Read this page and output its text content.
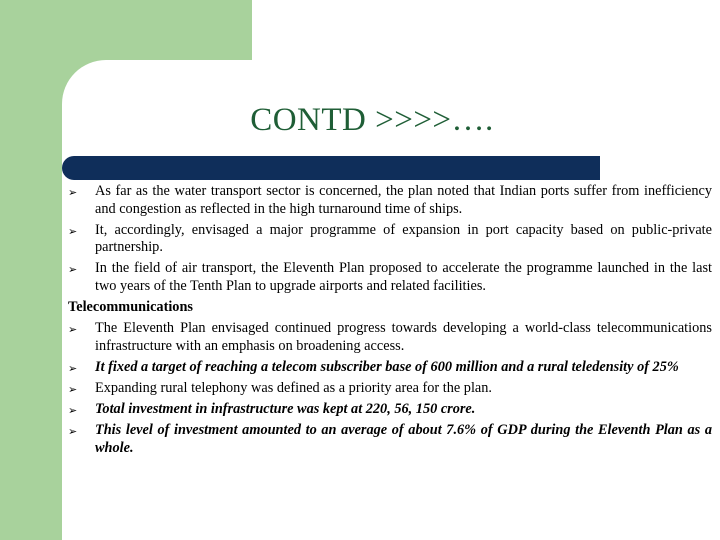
CONTD >>>>….
➢ As far as the water transport sector is concerned, the plan noted that Indian ports suffer from inefficiency and congestion as reflected in the high turnaround time of ships.
➢ It, accordingly, envisaged a major programme of expansion in port capacity based on public-private partnership.
➢ In the field of air transport, the Eleventh Plan proposed to accelerate the programme launched in the last two years of the Tenth Plan to upgrade airports and related facilities.
Telecommunications
➢ The Eleventh Plan envisaged continued progress towards developing a world-class telecommunications infrastructure with an emphasis on broadening access.
➢ It fixed a target of reaching a telecom subscriber base of 600 million and a rural teledensity of 25%
➢ Expanding rural telephony was defined as a priority area for the plan.
➢ Total investment in infrastructure was kept at 220, 56, 150 crore.
➢ This level of investment amounted to an average of about 7.6% of GDP during the Eleventh Plan as a whole.
